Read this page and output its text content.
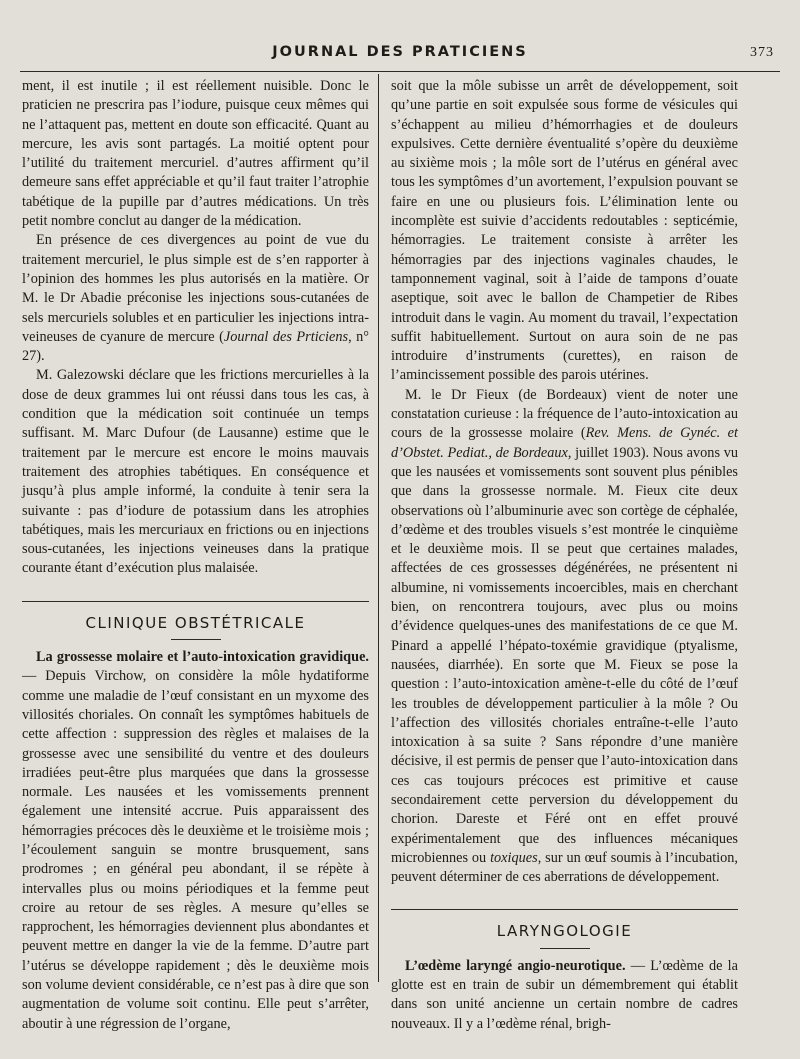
JOURNAL DES PRATICIENS	373

ment, il est inutile ; il est réellement nuisible. Donc le praticien ne prescrira pas l’iodure, puisque ceux mêmes qui ne l’attaquent pas, mettent en doute son efficacité. Quant au mercure, les avis sont partagés. La moitié optent pour l’utilité du traitement mercuriel. d’autres affirment qu’il demeure sans effet appréciable et qu’il faut traiter l’atrophie tabétique de la pupille par d’autres médications. Un très petit nombre conclut au danger de la médication.

En présence de ces divergences au point de vue du traitement mercuriel, le plus simple est de s’en rapporter à l’opinion des hommes les plus autorisés en la matière. Or M. le Dr Abadie préconise les injections sous-cutanées de sels mercuriels solubles et en particulier les injections intra-veineuses de cyanure de mercure (Journal des Prticiens, n° 27).

M. Galezowski déclare que les frictions mercurielles à la dose de deux grammes lui ont réussi dans tous les cas, à condition que la médication soit continuée un temps suffisant. M. Marc Dufour (de Lausanne) estime que le traitement par le mercure est encore le moins mauvais traitement des atrophies tabétiques. En conséquence et jusqu’à plus ample informé, la conduite à tenir sera la suivante : pas d’iodure de potassium dans les atrophies tabétiques, mais les mercuriaux en frictions ou en injections sous-cutanées, les injections veineuses dans la pratique courante étant d’exécution plus malaisée.

CLINIQUE OBSTÉTRICALE

La grossesse molaire et l’auto-intoxication gravidique. — Depuis Virchow, on considère la môle hydatiforme comme une maladie de l’œuf consistant en un myxome des villosités choriales. On connaît les symptômes habituels de cette affection : suppression des règles et malaises de la grossesse avec une sensibilité du ventre et des douleurs irradiées peut-être plus marquées que dans la grossesse normale. Les nausées et les vomissements prennent également une intensité accrue. Puis apparaissent des hémorragies précoces dès le deuxième et le troisième mois ; l’écoulement sanguin se montre brusquement, sans prodromes ; en général peu abondant, il se répète à intervalles plus ou moins périodiques et la femme peut croire au retour de ses règles. A mesure qu’elles se rapprochent, les hémorragies deviennent plus abondantes et peuvent mettre en danger la vie de la femme. D’autre part l’utérus se développe rapidement ; dès le deuxième mois son volume devient considérable, ce n’est pas à dire que son augmentation de volume soit continu. Elle peut s’arrêter, aboutir à une régression de l’organe,

soit que la môle subisse un arrêt de développement, soit qu’une partie en soit expulsée sous forme de vésicules qui s’échappent au milieu d’hémorrhagies et de douleurs expulsives. Cette dernière éventualité s’opère du deuxième au sixième mois ; la môle sort de l’utérus en général avec tous les symptômes d’un avortement, l’expulsion pouvant se faire en une ou plusieurs fois. L’élimination lente ou incomplète est suivie d’accidents redoutables : septicémie, hémorragies. Le traitement consiste à arrêter les hémorragies par des injections vaginales chaudes, le tamponnement vaginal, soit à l’aide de tampons d’ouate aseptique, soit avec le ballon de Champetier de Ribes introduit dans le vagin. Au moment du travail, l’expectation suffit habituellement. Surtout on aura soin de ne pas introduire d’instruments (curettes), en raison de l’amincissement possible des parois utérines.

M. le Dr Fieux (de Bordeaux) vient de noter une constatation curieuse : la fréquence de l’auto-intoxication au cours de la grossesse molaire (Rev. Mens. de Gynéc. et d’Obstet. Pediat., de Bordeaux, juillet 1903). Nous avons vu que les nausées et vomissements sont souvent plus pénibles que dans la grossesse normale. M. Fieux cite deux observations où l’albuminurie avec son cortège de céphalée, d’œdème et des troubles visuels s’est montrée le cinquième et le deuxième mois. Il se peut que certaines malades, affectées de ces grossesses dégénérées, ne présentent ni albumine, ni vomissements incoercibles, mais en cherchant bien, on rencontrera toujours, avec plus ou moins d’évidence quelques-unes des manifestations de ce que M. Pinard a appellé l’hépato-toxémie gravidique (ptyalisme, nausées, diarrhée). En sorte que M. Fieux se pose la question : l’auto-intoxication amène-t-elle du côté de l’œuf les troubles de développement particulier à la môle ? Ou l’affection des villosités choriales entraîne-t-elle l’auto intoxication à sa suite ? Sans répondre d’une manière décisive, il est permis de penser que l’auto-intoxication dans ces cas toujours précoces est primitive et cause secondairement cette perversion du développement du chorion. Dareste et Féré ont en effet prouvé expérimentalement que des influences mécaniques microbiennes ou toxiques, sur un œuf soumis à l’incubation, peuvent déterminer de ces aberrations de développement.

LARYNGOLOGIE

L’œdème laryngé angio-neurotique. — L’œdème de la glotte est en train de subir un démembrement qui établit dans son unité ancienne un certain nombre de cadres nouveaux. Il y a l’œdème rénal, brigh-
